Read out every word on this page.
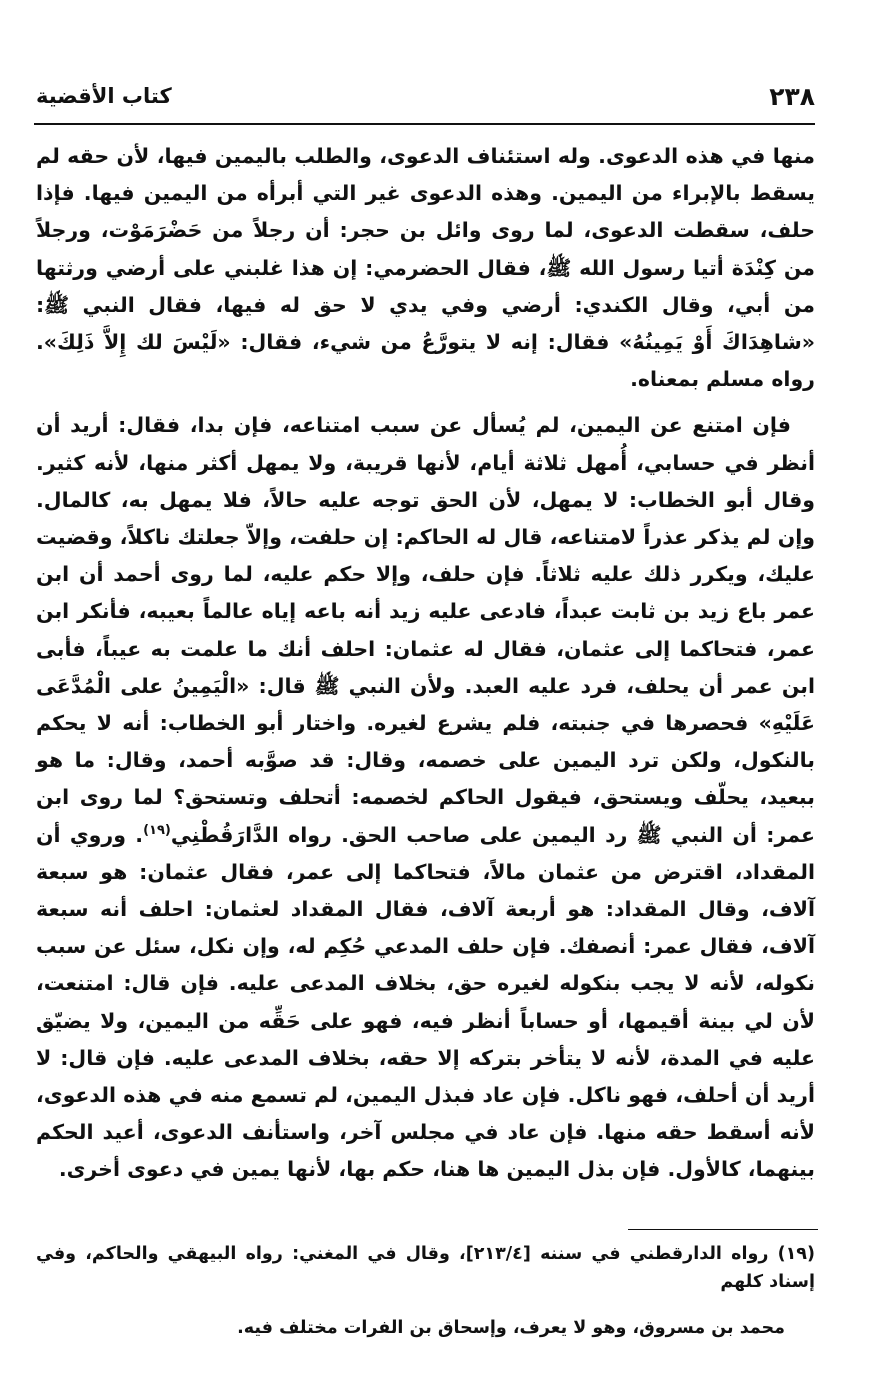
كتاب الأقضية	٢٣٨

منها في هذه الدعوى. وله استئناف الدعوى، والطلب باليمين فيها، لأن حقه لم يسقط بالإبراء من اليمين. وهذه الدعوى غير التي أبرأه من اليمين فيها. فإذا حلف، سقطت الدعوى، لما روى وائل بن حجر: أن رجلاً من حَضْرَمَوْت، ورجلاً من كِنْدَة أتيا رسول الله ﷺ، فقال الحضرمي: إن هذا غلبني على أرضي ورثتها من أبي، وقال الكندي: أرضي وفي يدي لا حق له فيها، فقال النبي ﷺ: «شاهِدَاكَ أَوْ يَمِينُهُ» فقال: إنه لا يتورَّعُ من شيء، فقال: «لَيْسَ لك إِلاَّ ذَلِكَ». رواه مسلم بمعناه.

فإن امتنع عن اليمين، لم يُسأل عن سبب امتناعه، فإن بدا، فقال: أريد أن أنظر في حسابي، أُمهل ثلاثة أيام، لأنها قريبة، ولا يمهل أكثر منها، لأنه كثير. وقال أبو الخطاب: لا يمهل، لأن الحق توجه عليه حالاً، فلا يمهل به، كالمال. وإن لم يذكر عذراً لامتناعه، قال له الحاكم: إن حلفت، وإلاّ جعلتك ناكلاً، وقضيت عليك، ويكرر ذلك عليه ثلاثاً. فإن حلف، وإلا حكم عليه، لما روى أحمد أن ابن عمر باع زيد بن ثابت عبداً، فادعى عليه زيد أنه باعه إياه عالماً بعيبه، فأنكر ابن عمر، فتحاكما إلى عثمان، فقال له عثمان: احلف أنك ما علمت به عيباً، فأبى ابن عمر أن يحلف، فرد عليه العبد. ولأن النبي ﷺ قال: «الْيَمِينُ على الْمُدَّعَى عَلَيْهِ» فحصرها في جنبته، فلم يشرع لغيره. واختار أبو الخطاب: أنه لا يحكم بالنكول، ولكن ترد اليمين على خصمه، وقال: قد صوَّبه أحمد، وقال: ما هو ببعيد، يحلّف ويستحق، فيقول الحاكم لخصمه: أتحلف وتستحق؟ لما روى ابن عمر: أن النبي ﷺ رد اليمين على صاحب الحق. رواه الدَّارَقُطْنِي$^{(١٩)}$. وروي أن المقداد، اقترض من عثمان مالاً، فتحاكما إلى عمر، فقال عثمان: هو سبعة آلاف، وقال المقداد: هو أربعة آلاف، فقال المقداد لعثمان: احلف أنه سبعة آلاف، فقال عمر: أنصفك. فإن حلف المدعي حُكِم له، وإن نكل، سئل عن سبب نكوله، لأنه لا يجب بنكوله لغيره حق، بخلاف المدعى عليه. فإن قال: امتنعت، لأن لي بينة أقيمها، أو حساباً أنظر فيه، فهو على حَقِّه من اليمين، ولا يضيّق عليه في المدة، لأنه لا يتأخر بتركه إلا حقه، بخلاف المدعى عليه. فإن قال: لا أريد أن أحلف، فهو ناكل. فإن عاد فبذل اليمين، لم تسمع منه في هذه الدعوى، لأنه أسقط حقه منها. فإن عاد في مجلس آخر، واستأنف الدعوى، أعيد الحكم بينهما، كالأول. فإن بذل اليمين ها هنا، حكم بها، لأنها يمين في دعوى أخرى.

(١٩) رواه الدارقطني في سننه [٢١٣/٤]، وقال في المغني: رواه البيهقي والحاكم، وفي إسناد كلهم
محمد بن مسروق، وهو لا يعرف، وإسحاق بن الفرات مختلف فيه.
